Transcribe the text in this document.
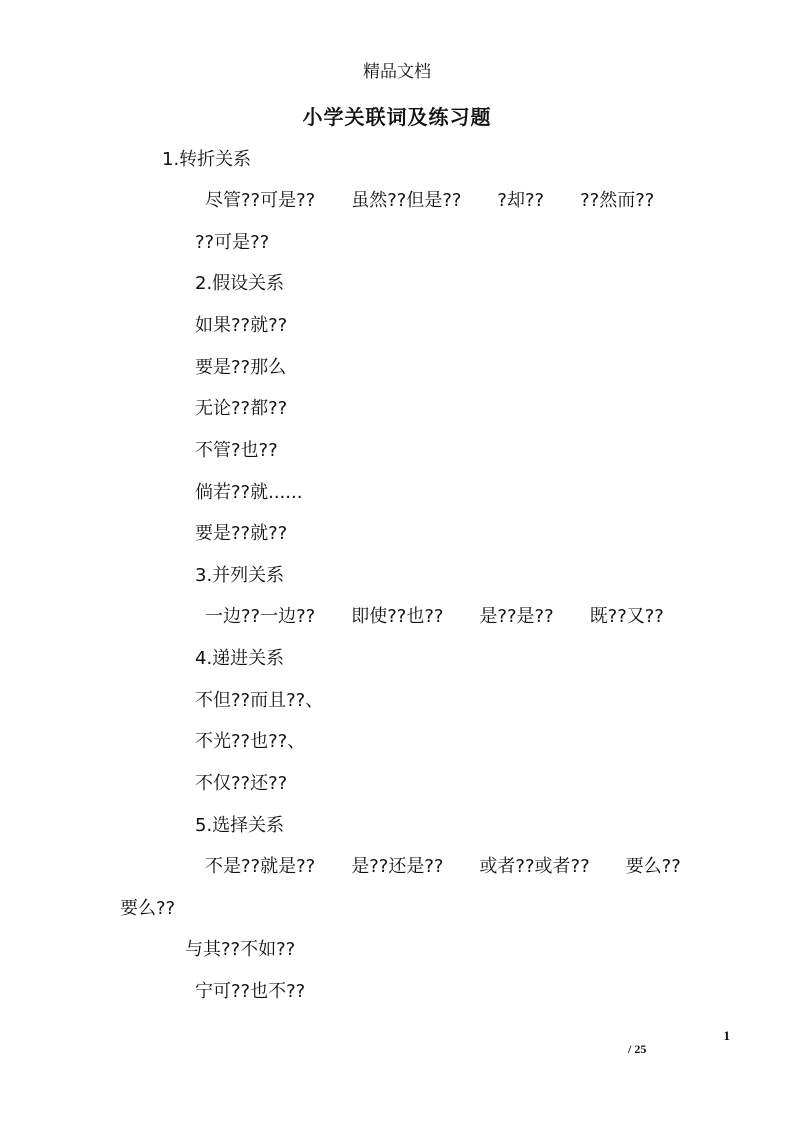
精品文档
小学关联词及练习题
1.转折关系
尽管??可是??　　虽然??但是??　　?却??　　??然而??
??可是??
2.假设关系
如果??就??
要是??那么
无论??都??
不管?也??
倘若??就......
要是??就??
3.并列关系
一边??一边??　　即使??也??　　是??是??　　既??又??
4.递进关系
不但??而且??、
不光??也??、
不仅??还??
5.选择关系
不是??就是??　　是??还是??　　或者??或者??　　要么??
要么??
与其??不如??
宁可??也不??
1
/ 25
